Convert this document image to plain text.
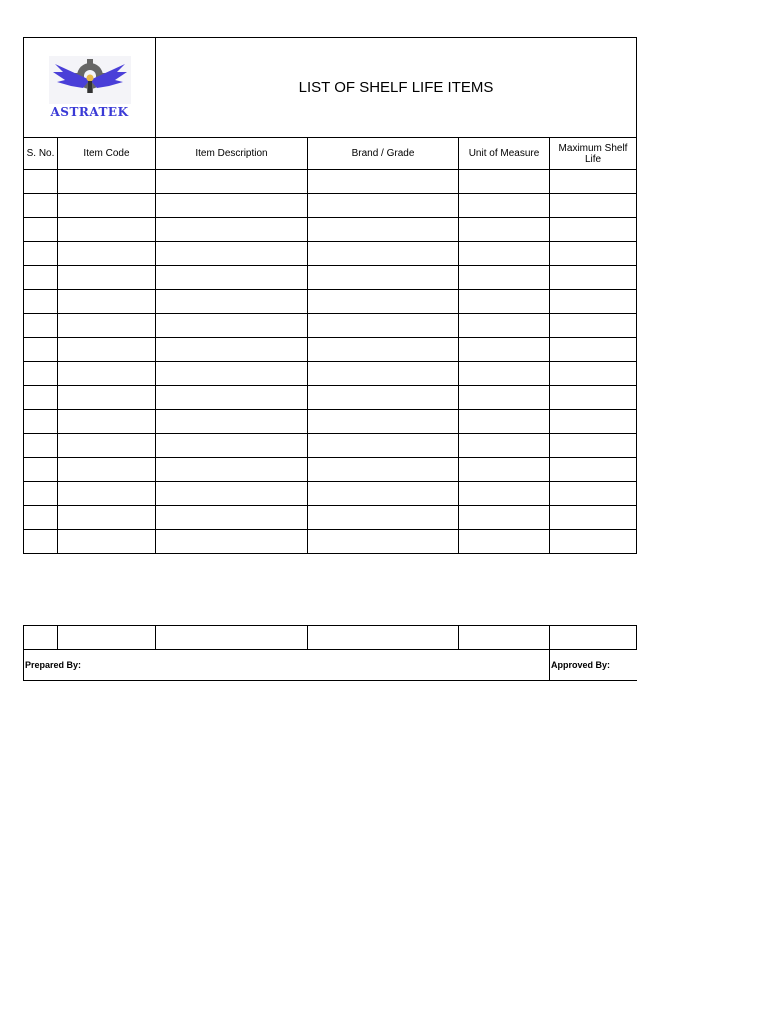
ASTRATEK		LIST OF SHELF LIFE ITEMS			
S. No.	Item Code	Item Description	Brand / Grade	Unit of Measure	Maximum Shelf Life

Prepared By:					Approved By:
